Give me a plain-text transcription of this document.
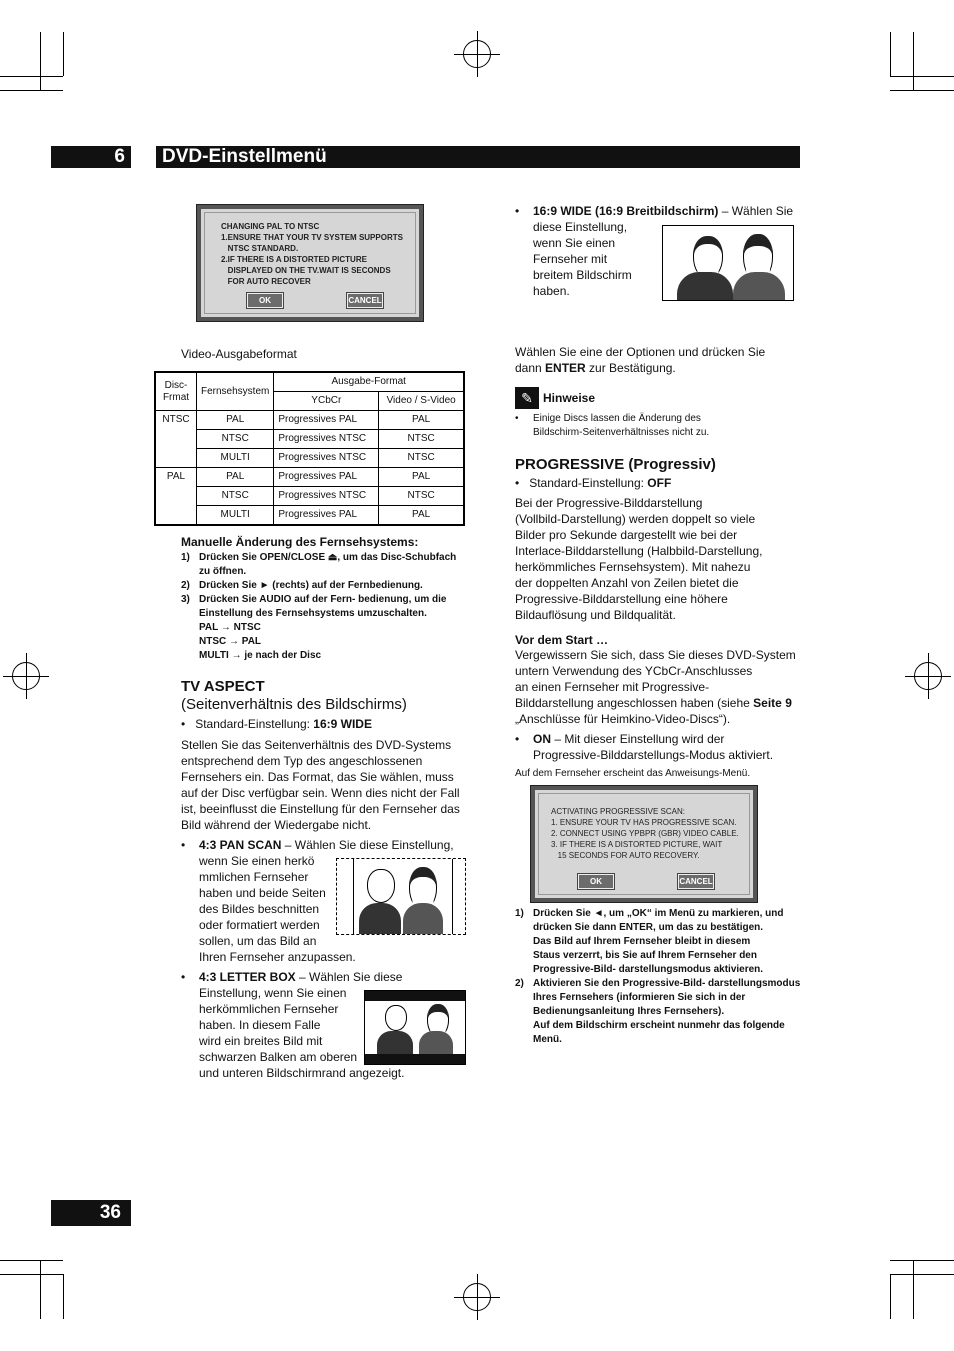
6	DVD-Einstellmenü
CHANGING PAL TO NTSC
1.ENSURE THAT YOUR TV SYSTEM SUPPORTS
NTSC STANDARD.
2.IF THERE IS A DISTORTED PICTURE
DISPLAYED ON THE TV.WAIT IS SECONDS
FOR AUTO RECOVER
OK	CANCEL
Video-Ausgabeformat
Disc-
Frmat	Fernsehsystem	Ausgabe-Format	
		YCbCr	Video / S-Video
NTSC	PAL	Progressives PAL	PAL
	NTSC	Progressives NTSC	NTSC
	MULTI	Progressives NTSC	NTSC
PAL	PAL	Progressives PAL	PAL
	NTSC	Progressives NTSC	NTSC
	MULTI	Progressives PAL	PAL
Manuelle Änderung des Fernsehsystems:
1) Drücken Sie OPEN/CLOSE ⏏, um das Disc-Schubfach
zu öffnen.
2) Drücken Sie ► (rechts) auf der Fernbedienung.
3) Drücken Sie AUDIO auf der Fern- bedienung, um die
Einstellung des Fernsehsystems umzuschalten.
PAL → NTSC
NTSC → PAL
MULTI → je nach der Disc
TV ASPECT
(Seitenverhältnis des Bildschirms)
• Standard-Einstellung: 16:9 WIDE
Stellen Sie das Seitenverhältnis des DVD-Systems
entsprechend dem Typ des angeschlossenen
Fernsehers ein. Das Format, das Sie wählen, muss
auf der Disc verfügbar sein. Wenn dies nicht der Fall
ist, beeinflusst die Einstellung für den Fernseher das
Bild während der Wiedergabe nicht.
• 4:3 PAN SCAN – Wählen Sie diese Einstellung,
wenn Sie einen herkö
mmlichen Fernseher
haben und beide Seiten
des Bildes beschnitten
oder formatiert werden
sollen, um das Bild an
Ihren Fernseher anzupassen.
• 4:3 LETTER BOX – Wählen Sie diese
Einstellung, wenn Sie einen
herkömmlichen Fernseher
haben. In diesem Falle
wird ein breites Bild mit
schwarzen Balken am oberen
und unteren Bildschirmrand angezeigt.
• 16:9 WIDE (16:9 Breitbildschirm) – Wählen Sie
diese Einstellung,
wenn Sie einen
Fernseher mit
breitem Bildschirm
haben.
Wählen Sie eine der Optionen und drücken Sie
dann ENTER zur Bestätigung.
✎ Hinweise
• Einige Discs lassen die Änderung des
Bildschirm-Seitenverhältnisses nicht zu.
PROGRESSIVE (Progressiv)
• Standard-Einstellung: OFF
Bei der Progressive-Bilddarstellung
(Vollbild-Darstellung) werden doppelt so viele
Bilder pro Sekunde dargestellt wie bei der
Interlace-Bilddarstellung (Halbbild-Darstellung,
herkömmliches Fernsehsystem). Mit nahezu
der doppelten Anzahl von Zeilen bietet die
Progressive-Bilddarstellung eine höhere
Bildauflösung und Bildqualität.
Vor dem Start …
Vergewissern Sie sich, dass Sie dieses DVD-System
untern Verwendung des YCbCr-Anschlusses
an einen Fernseher mit Progressive-
Bilddarstellung angeschlossen haben (siehe Seite 9
„Anschlüsse für Heimkino-Video-Discs“).
• ON – Mit dieser Einstellung wird der
Progressive-Bilddarstellungs-Modus aktiviert.
Auf dem Fernseher erscheint das Anweisungs-Menü.
ACTIVATING PROGRESSIVE SCAN:
1. ENSURE YOUR TV HAS PROGRESSIVE SCAN.
2. CONNECT USING YPBPR (GBR) VIDEO CABLE.
3. IF THERE IS A DISTORTED PICTURE, WAIT
15 SECONDS FOR AUTO RECOVERY.
OK	CANCEL
1) Drücken Sie ◄, um „OK“ im Menü zu markieren, und
drücken Sie dann ENTER, um das zu bestätigen.
Das Bild auf Ihrem Fernseher bleibt in diesem
Staus verzerrt, bis Sie auf Ihrem Fernseher den
Progressive-Bild- darstellungsmodus aktivieren.
2) Aktivieren Sie den Progressive-Bild- darstellungsmodus
Ihres Fernsehers (informieren Sie sich in der
Bedienungsanleitung Ihres Fernsehers).
Auf dem Bildschirm erscheint nunmehr das folgende
Menü.
36
